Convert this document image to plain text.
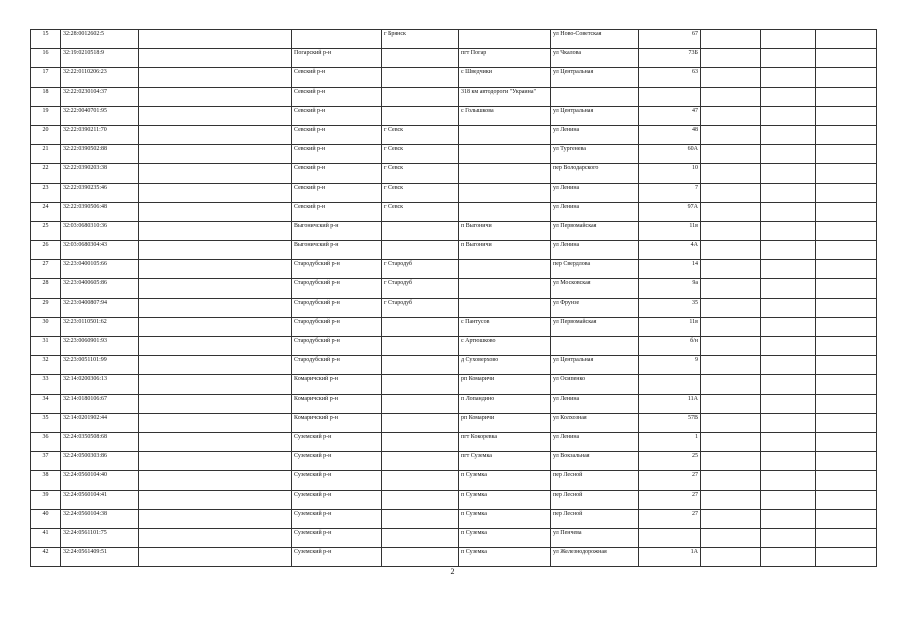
15	32:28:0012602:5			г Брянск		ул Ново-Советская	67			
16	32:19:0210518:9		Погарский р-н		пгт Погар	ул Чкалова	73Б			
17	32:22:0110206:23		Севский р-н		с Шведчики	ул Центральная	63			
18	32:22:0230104:37		Севский р-н		318 км автодороги "Украина"					
19	32:22:0040701:95		Севский р-н		с Голышкова	ул Центральная	47			
20	32:22:0390211:70		Севский р-н	г Севск		ул Ленина	48			
21	32:22:0390502:88		Севский р-н	г Севск		ул Тургенева	60А			
22	32:22:0390203:38		Севский р-н	г Севск		пер Володарского	10			
23	32:22:0390235:46		Севский р-н	г Севск		ул Ленина	7			
24	32:22:0390506:48		Севский р-н	г Севск		ул Ленина	97А			
25	32:03:0680310:36		Выгоничский р-н		п Выгоничи	ул Первомайская	11в			
26	32:03:0680304:43		Выгоничский р-н		п Выгоничи	ул Ленина	4А			
27	32:23:0400105:66		Стародубский р-н	г Стародуб		пер Свердлова	14			
28	32:23:0400605:86		Стародубский р-н	г Стародуб		ул Московская	9а			
29	32:23:0400807:94		Стародубский р-н	г Стародуб		ул Фрунзе	35			
30	32:23:0110501:62		Стародубский р-н		с Пантусов	ул Первомайская	11в			
31	32:23:0060901:93		Стародубский р-н		с Артюшково		б/н			
32	32:23:0051101:99		Стародубский р-н		д Суховерхово	ул Центральная	9			
33	32:14:0200306:13		Комаричский р-н		рп Комаричи	ул Осипенко				
34	32:14:0180106:67		Комаричский р-н		п Лопандино	ул Ленина	11А			
35	32:14:0201902:44		Комаричский р-н		рп Комаричи	ул Колхозная	57В			
36	32:24:0350508:68		Суземский р-н		пгт Кокоревка	ул Ленина	1			
37	32:24:0500303:86		Суземский р-н		пгт Суземка	ул Вокзальная	25			
38	32:24:0560104:40		Суземский р-н		п Суземка	пер Лесной	27			
39	32:24:0560104:41		Суземский р-н		п Суземка	пер Лесной	27			
40	32:24:0560104:38		Суземский р-н		п Суземка	пер Лесной	27			
41	32:24:0561101:75		Суземский р-н		п Суземка	ул Пенчева				
42	32:24:0561409:51		Суземский р-н		п Суземка	ул Железнодорожная	1А			
2
